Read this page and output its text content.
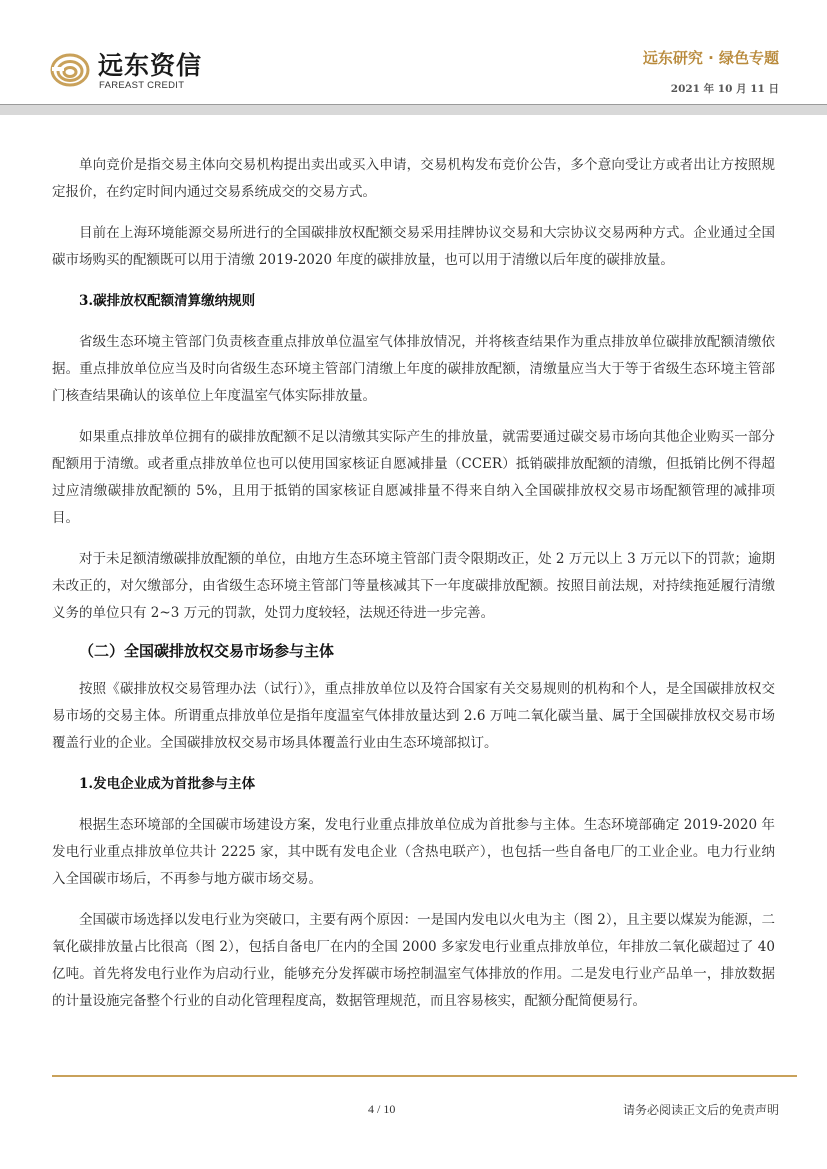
远东资信
FAREAST CREDIT
远东研究 · 绿色专题
2021 年 10 月 11 日

单向竞价是指交易主体向交易机构提出卖出或买入申请，交易机构发布竞价公告，多个意向受让方或者出让方按照规定报价，在约定时间内通过交易系统成交的交易方式。

目前在上海环境能源交易所进行的全国碳排放权配额交易采用挂牌协议交易和大宗协议交易两种方式。企业通过全国碳市场购买的配额既可以用于清缴 2019-2020 年度的碳排放量，也可以用于清缴以后年度的碳排放量。

3.碳排放权配额清算缴纳规则

省级生态环境主管部门负责核查重点排放单位温室气体排放情况，并将核查结果作为重点排放单位碳排放配额清缴依据。重点排放单位应当及时向省级生态环境主管部门清缴上年度的碳排放配额，清缴量应当大于等于省级生态环境主管部门核查结果确认的该单位上年度温室气体实际排放量。

如果重点排放单位拥有的碳排放配额不足以清缴其实际产生的排放量，就需要通过碳交易市场向其他企业购买一部分配额用于清缴。或者重点排放单位也可以使用国家核证自愿减排量（CCER）抵销碳排放配额的清缴，但抵销比例不得超过应清缴碳排放配额的 5%，且用于抵销的国家核证自愿减排量不得来自纳入全国碳排放权交易市场配额管理的减排项目。

对于未足额清缴碳排放配额的单位，由地方生态环境主管部门责令限期改正，处 2 万元以上 3 万元以下的罚款；逾期未改正的，对欠缴部分，由省级生态环境主管部门等量核减其下一年度碳排放配额。按照目前法规，对持续拖延履行清缴义务的单位只有 2~3 万元的罚款，处罚力度较轻，法规还待进一步完善。

（二）全国碳排放权交易市场参与主体

按照《碳排放权交易管理办法（试行）》，重点排放单位以及符合国家有关交易规则的机构和个人，是全国碳排放权交易市场的交易主体。所谓重点排放单位是指年度温室气体排放量达到 2.6 万吨二氧化碳当量、属于全国碳排放权交易市场覆盖行业的企业。全国碳排放权交易市场具体覆盖行业由生态环境部拟订。

1.发电企业成为首批参与主体

根据生态环境部的全国碳市场建设方案，发电行业重点排放单位成为首批参与主体。生态环境部确定 2019-2020 年发电行业重点排放单位共计 2225 家，其中既有发电企业（含热电联产），也包括一些自备电厂的工业企业。电力行业纳入全国碳市场后，不再参与地方碳市场交易。

全国碳市场选择以发电行业为突破口，主要有两个原因：一是国内发电以火电为主（图 2），且主要以煤炭为能源，二氧化碳排放量占比很高（图 2），包括自备电厂在内的全国 2000 多家发电行业重点排放单位，年排放二氧化碳超过了 40 亿吨。首先将发电行业作为启动行业，能够充分发挥碳市场控制温室气体排放的作用。二是发电行业产品单一，排放数据的计量设施完备整个行业的自动化管理程度高，数据管理规范，而且容易核实，配额分配简便易行。

4 / 10	请务必阅读正文后的免责声明
